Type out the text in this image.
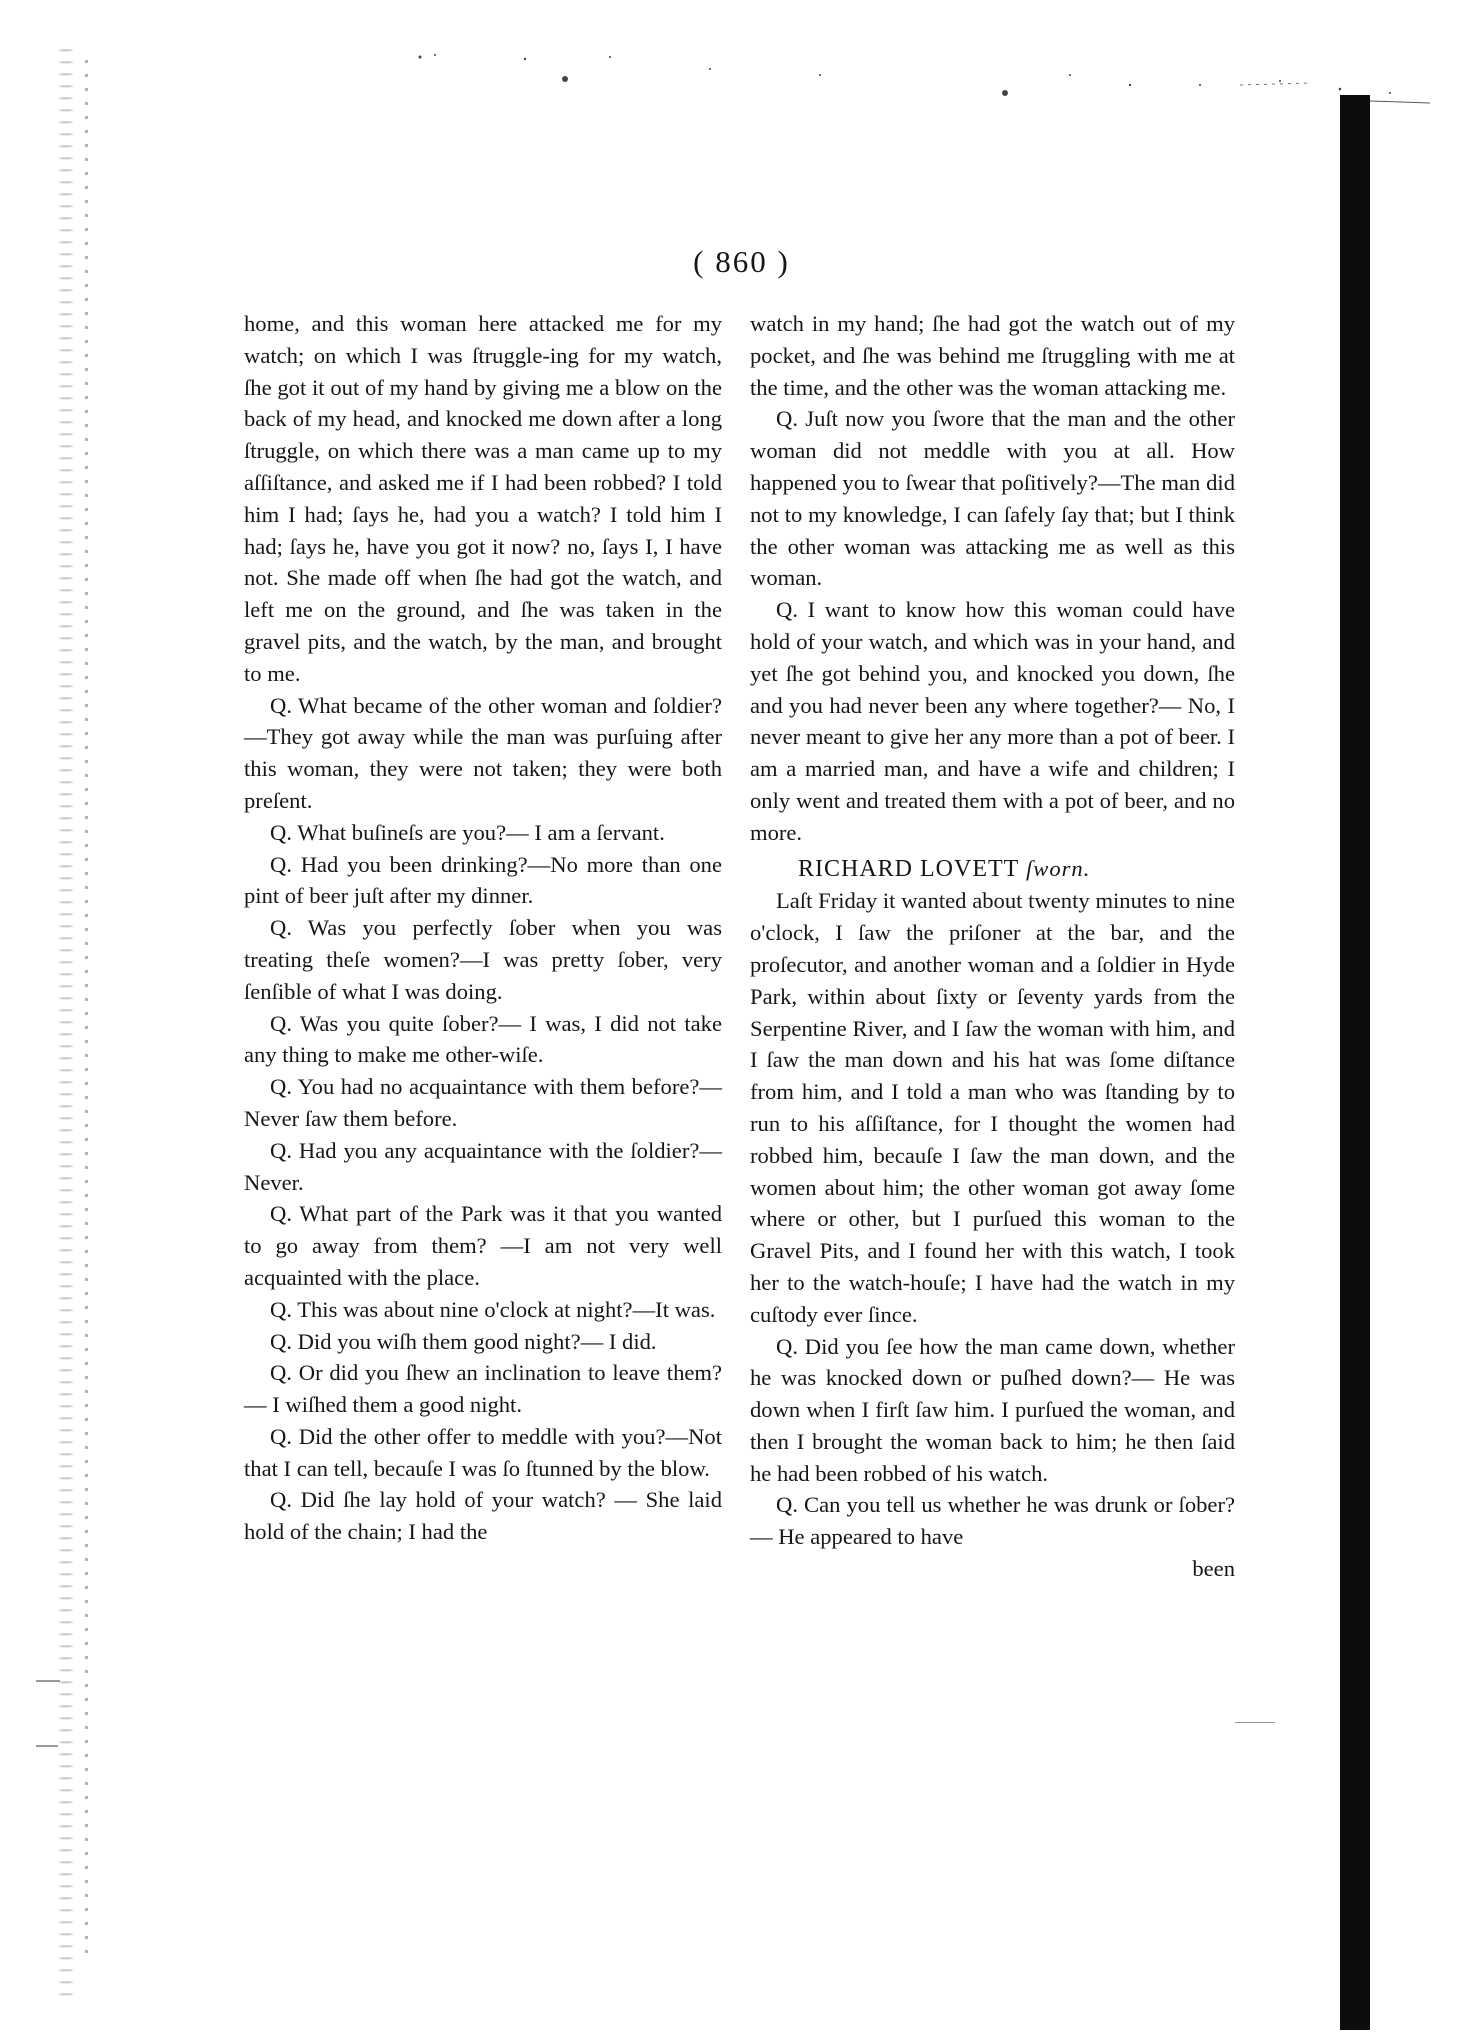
( 860 )

home, and this woman here attacked me for my watch; on which I was ſtruggle-ing for my watch, ſhe got it out of my hand by giving me a blow on the back of my head, and knocked me down after a long ſtruggle, on which there was a man came up to my aſſiſtance, and asked me if I had been robbed? I told him I had; ſays he, had you a watch? I told him I had; ſays he, have you got it now? no, ſays I, I have not. She made off when ſhe had got the watch, and left me on the ground, and ſhe was taken in the gravel pits, and the watch, by the man, and brought to me.

Q. What became of the other woman and ſoldier?—They got away while the man was purſuing after this woman, they were not taken; they were both preſent.

Q. What buſineſs are you?— I am a ſervant.

Q. Had you been drinking?—No more than one pint of beer juſt after my dinner.

Q. Was you perfectly ſober when you was treating theſe women?—I was pretty ſober, very ſenſible of what I was doing.

Q. Was you quite ſober?— I was, I did not take any thing to make me other-wiſe.

Q. You had no acquaintance with them before?— Never ſaw them before.

Q. Had you any acquaintance with the ſoldier?—Never.

Q. What part of the Park was it that you wanted to go away from them? —I am not very well acquainted with the place.

Q. This was about nine o'clock at night?—It was.

Q. Did you wiſh them good night?— I did.

Q. Or did you ſhew an inclination to leave them?— I wiſhed them a good night.

Q. Did the other offer to meddle with you?—Not that I can tell, becauſe I was ſo ſtunned by the blow.

Q. Did ſhe lay hold of your watch? — She laid hold of the chain; I had the

watch in my hand; ſhe had got the watch out of my pocket, and ſhe was behind me ſtruggling with me at the time, and the other was the woman attacking me.

Q. Juſt now you ſwore that the man and the other woman did not meddle with you at all. How happened you to ſwear that poſitively?—The man did not to my knowledge, I can ſafely ſay that; but I think the other woman was attacking me as well as this woman.

Q. I want to know how this woman could have hold of your watch, and which was in your hand, and yet ſhe got behind you, and knocked you down, ſhe and you had never been any where together?— No, I never meant to give her any more than a pot of beer. I am a married man, and have a wife and children; I only went and treated them with a pot of beer, and no more.

RICHARD LOVETT ſworn.

Laſt Friday it wanted about twenty minutes to nine o'clock, I ſaw the priſoner at the bar, and the proſecutor, and another woman and a ſoldier in Hyde Park, within about ſixty or ſeventy yards from the Serpentine River, and I ſaw the woman with him, and I ſaw the man down and his hat was ſome diſtance from him, and I told a man who was ſtanding by to run to his aſſiſtance, for I thought the women had robbed him, becauſe I ſaw the man down, and the women about him; the other woman got away ſome where or other, but I purſued this woman to the Gravel Pits, and I found her with this watch, I took her to the watch-houſe; I have had the watch in my cuſtody ever ſince.

Q. Did you ſee how the man came down, whether he was knocked down or puſhed down?— He was down when I firſt ſaw him. I purſued the woman, and then I brought the woman back to him; he then ſaid he had been robbed of his watch.

Q. Can you tell us whether he was drunk or ſober?— He appeared to have

been
